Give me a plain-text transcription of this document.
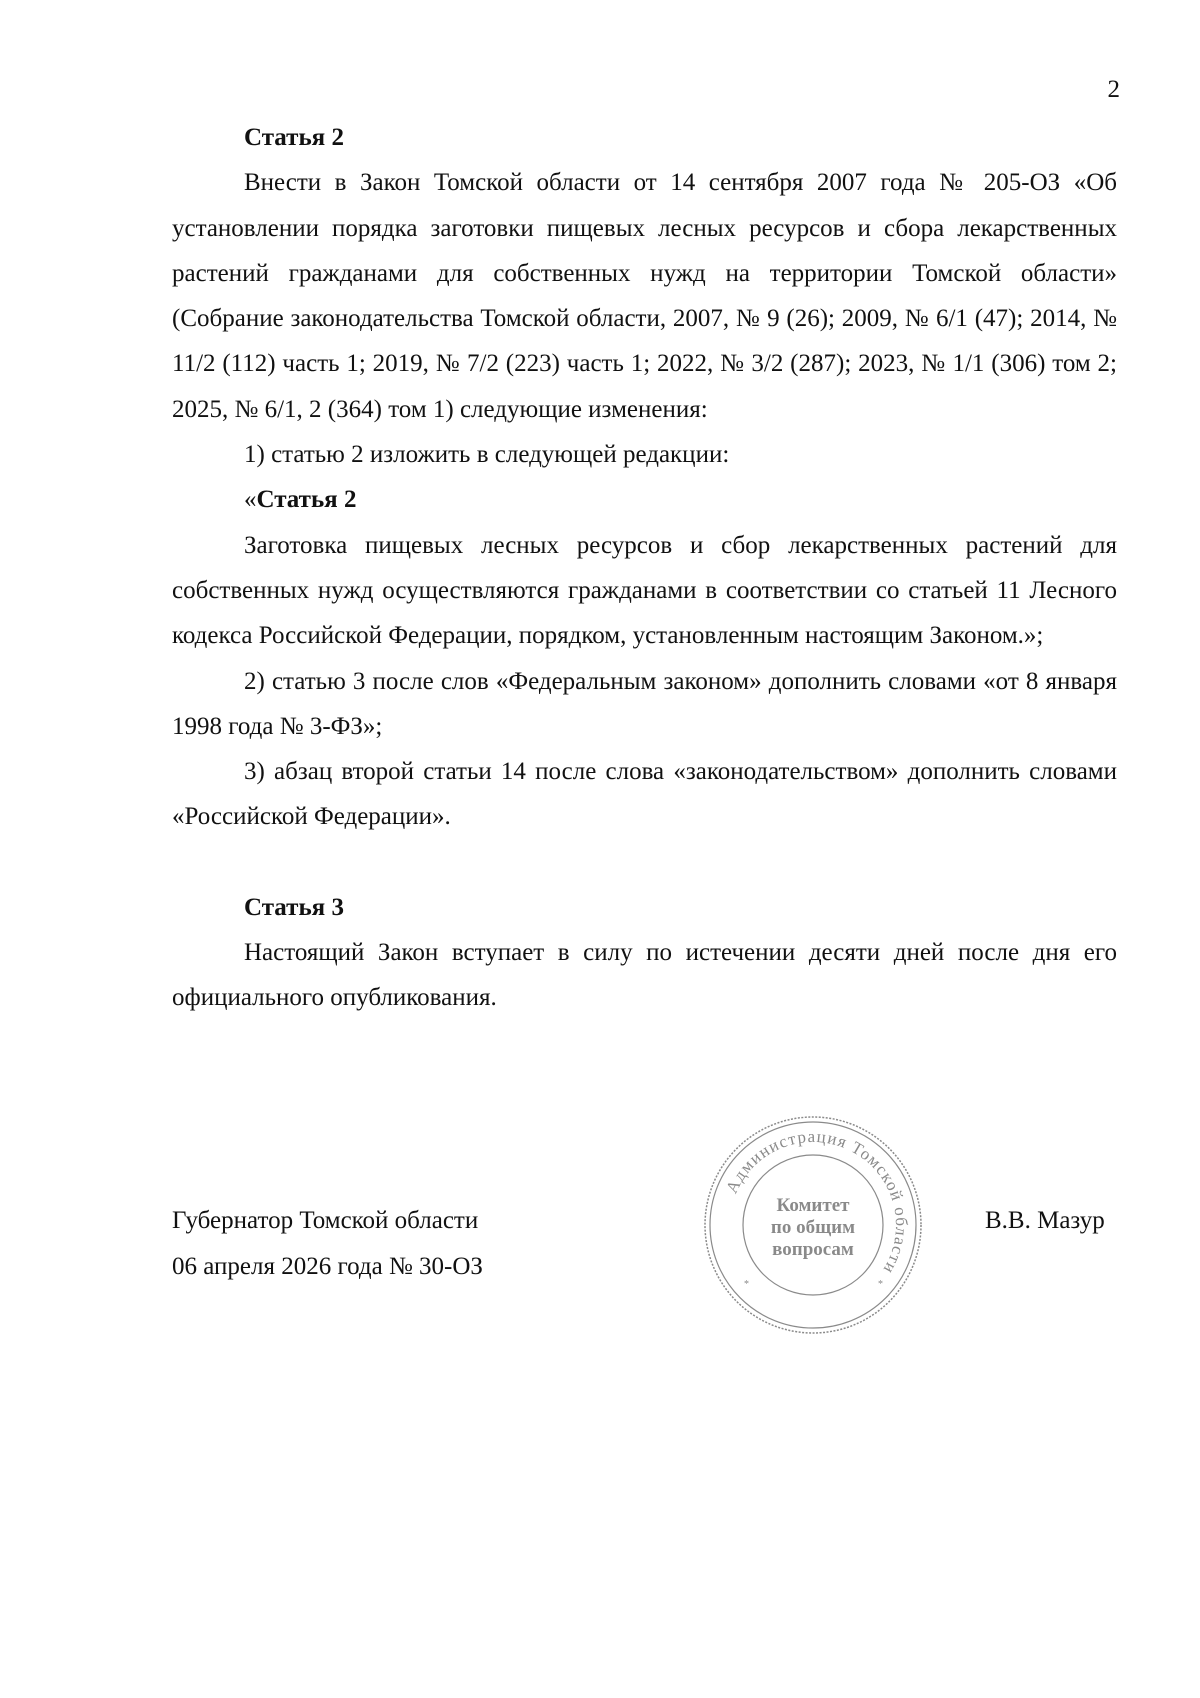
2

Статья 2

Внести в Закон Томской области от 14 сентября 2007 года № 205-ОЗ «Об установлении порядка заготовки пищевых лесных ресурсов и сбора лекарственных растений гражданами для собственных нужд на территории Томской области» (Собрание законодательства Томской области, 2007, № 9 (26); 2009, № 6/1 (47); 2014, № 11/2 (112) часть 1; 2019, № 7/2 (223) часть 1; 2022, № 3/2 (287); 2023, № 1/1 (306) том 2; 2025, № 6/1, 2 (364) том 1) следующие изменения:

1) статью 2 изложить в следующей редакции:

«Статья 2

Заготовка пищевых лесных ресурсов и сбор лекарственных растений для собственных нужд осуществляются гражданами в соответствии со статьей 11 Лесного кодекса Российской Федерации, порядком, установленным настоящим Законом.»;

2) статью 3 после слов «Федеральным законом» дополнить словами «от 8 января 1998 года № 3-ФЗ»;

3) абзац второй статьи 14 после слова «законодательством» дополнить словами «Российской Федерации».

Статья 3

Настоящий Закон вступает в силу по истечении десяти дней после дня его официального опубликования.

Губернатор Томской области
06 апреля 2026 года № 30-ОЗ
В.В. Мазур
Администрация Томской области
Комитет
по общим
вопросам
*	*
